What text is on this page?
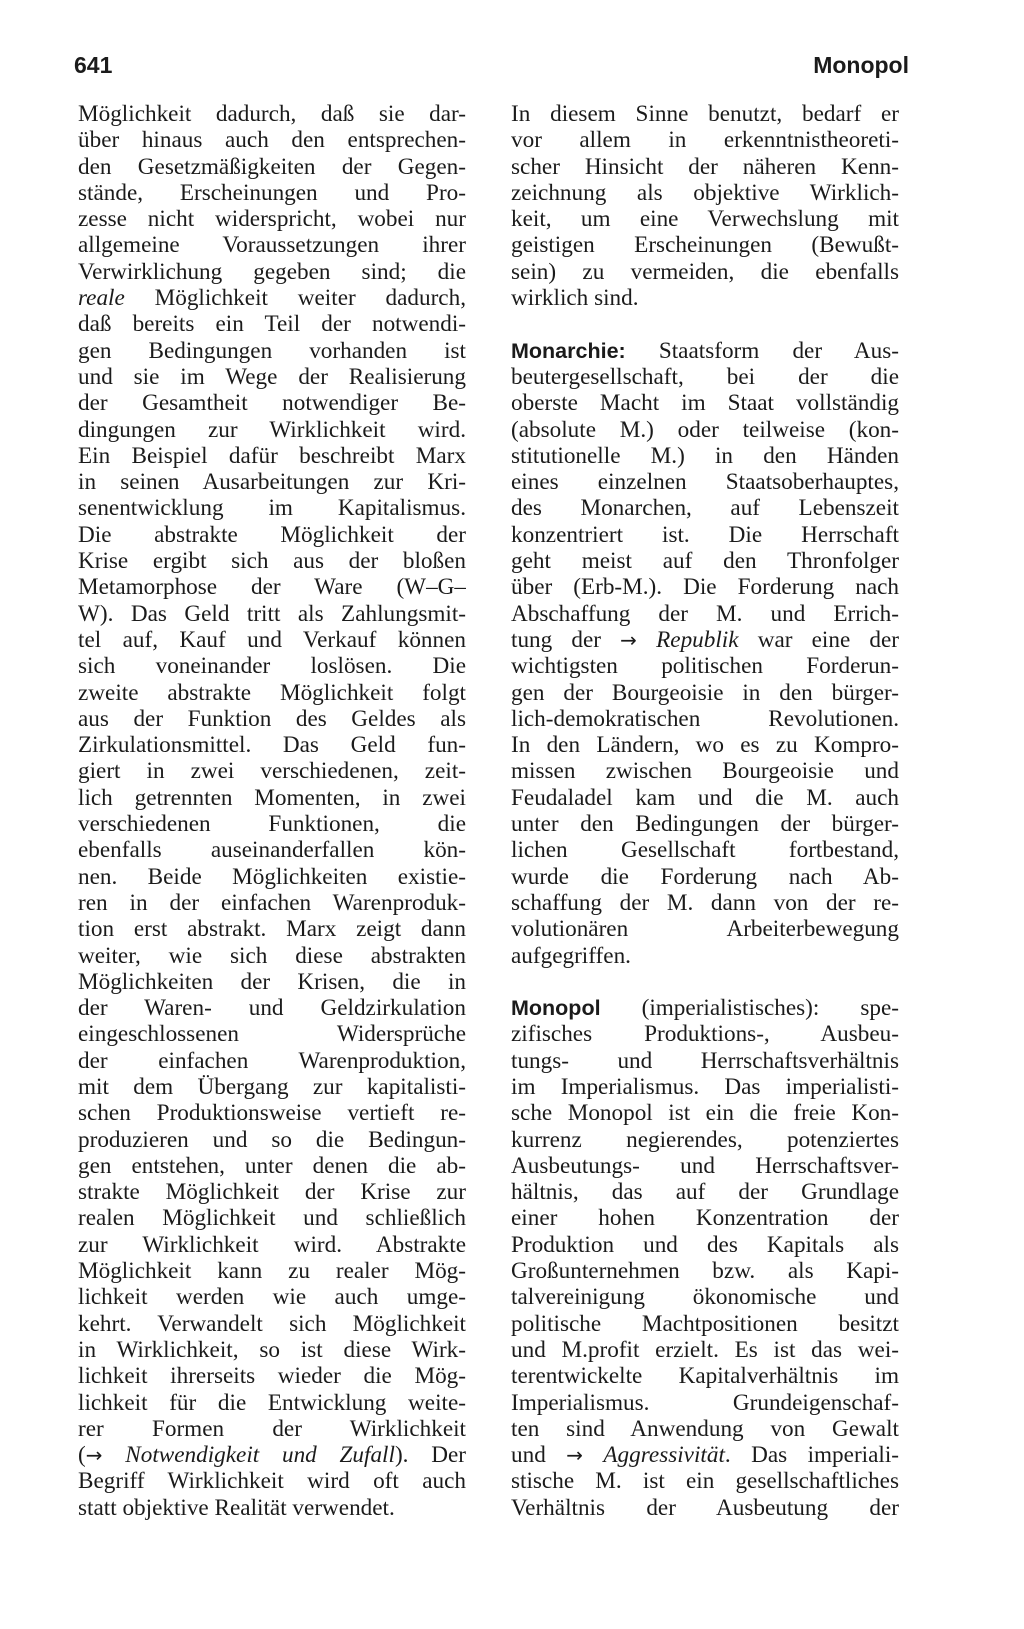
641	Monopol
Möglichkeit dadurch, daß sie dar-
über hinaus auch den entsprechen-
den Gesetzmäßigkeiten der Gegen-
stände, Erscheinungen und Pro-
zesse nicht widerspricht, wobei nur
allgemeine Voraussetzungen ihrer
Verwirklichung gegeben sind; die
reale Möglichkeit weiter dadurch,
daß bereits ein Teil der notwendi-
gen Bedingungen vorhanden ist
und sie im Wege der Realisierung
der Gesamtheit notwendiger Be-
dingungen zur Wirklichkeit wird.
Ein Beispiel dafür beschreibt Marx
in seinen Ausarbeitungen zur Kri-
senentwicklung im Kapitalismus.
Die abstrakte Möglichkeit der
Krise ergibt sich aus der bloßen
Metamorphose der Ware (W–G–
W). Das Geld tritt als Zahlungsmit-
tel auf, Kauf und Verkauf können
sich voneinander loslösen. Die
zweite abstrakte Möglichkeit folgt
aus der Funktion des Geldes als
Zirkulationsmittel. Das Geld fun-
giert in zwei verschiedenen, zeit-
lich getrennten Momenten, in zwei
verschiedenen Funktionen, die
ebenfalls auseinanderfallen kön-
nen. Beide Möglichkeiten existie-
ren in der einfachen Warenproduk-
tion erst abstrakt. Marx zeigt dann
weiter, wie sich diese abstrakten
Möglichkeiten der Krisen, die in
der Waren- und Geldzirkulation
eingeschlossenen Widersprüche
der einfachen Warenproduktion,
mit dem Übergang zur kapitalisti-
schen Produktionsweise vertieft re-
produzieren und so die Bedingun-
gen entstehen, unter denen die ab-
strakte Möglichkeit der Krise zur
realen Möglichkeit und schließlich
zur Wirklichkeit wird. Abstrakte
Möglichkeit kann zu realer Mög-
lichkeit werden wie auch umge-
kehrt. Verwandelt sich Möglichkeit
in Wirklichkeit, so ist diese Wirk-
lichkeit ihrerseits wieder die Mög-
lichkeit für die Entwicklung weite-
rer Formen der Wirklichkeit
(→ Notwendigkeit und Zufall). Der
Begriff Wirklichkeit wird oft auch
statt objektive Realität verwendet.
In diesem Sinne benutzt, bedarf er
vor allem in erkenntnistheoreti-
scher Hinsicht der näheren Kenn-
zeichnung als objektive Wirklich-
keit, um eine Verwechslung mit
geistigen Erscheinungen (Bewußt-
sein) zu vermeiden, die ebenfalls
wirklich sind.
Monarchie: Staatsform der Aus-
beutergesellschaft, bei der die
oberste Macht im Staat vollständig
(absolute M.) oder teilweise (kon-
stitutionelle M.) in den Händen
eines einzelnen Staatsoberhauptes,
des Monarchen, auf Lebenszeit
konzentriert ist. Die Herrschaft
geht meist auf den Thronfolger
über (Erb-M.). Die Forderung nach
Abschaffung der M. und Errich-
tung der → Republik war eine der
wichtigsten politischen Forderun-
gen der Bourgeoisie in den bürger-
lich-demokratischen Revolutionen.
In den Ländern, wo es zu Kompro-
missen zwischen Bourgeoisie und
Feudaladel kam und die M. auch
unter den Bedingungen der bürger-
lichen Gesellschaft fortbestand,
wurde die Forderung nach Ab-
schaffung der M. dann von der re-
volutionären Arbeiterbewegung
aufgegriffen.
Monopol (imperialistisches): spe-
zifisches Produktions-, Ausbeu-
tungs- und Herrschaftsverhältnis
im Imperialismus. Das imperialisti-
sche Monopol ist ein die freie Kon-
kurrenz negierendes, potenziertes
Ausbeutungs- und Herrschaftsver-
hältnis, das auf der Grundlage
einer hohen Konzentration der
Produktion und des Kapitals als
Großunternehmen bzw. als Kapi-
talvereinigung ökonomische und
politische Machtpositionen besitzt
und M.profit erzielt. Es ist das wei-
terentwickelte Kapitalverhältnis im
Imperialismus. Grundeigenschaf-
ten sind Anwendung von Gewalt
und → Aggressivität. Das imperiali-
stische M. ist ein gesellschaftliches
Verhältnis der Ausbeutung der
